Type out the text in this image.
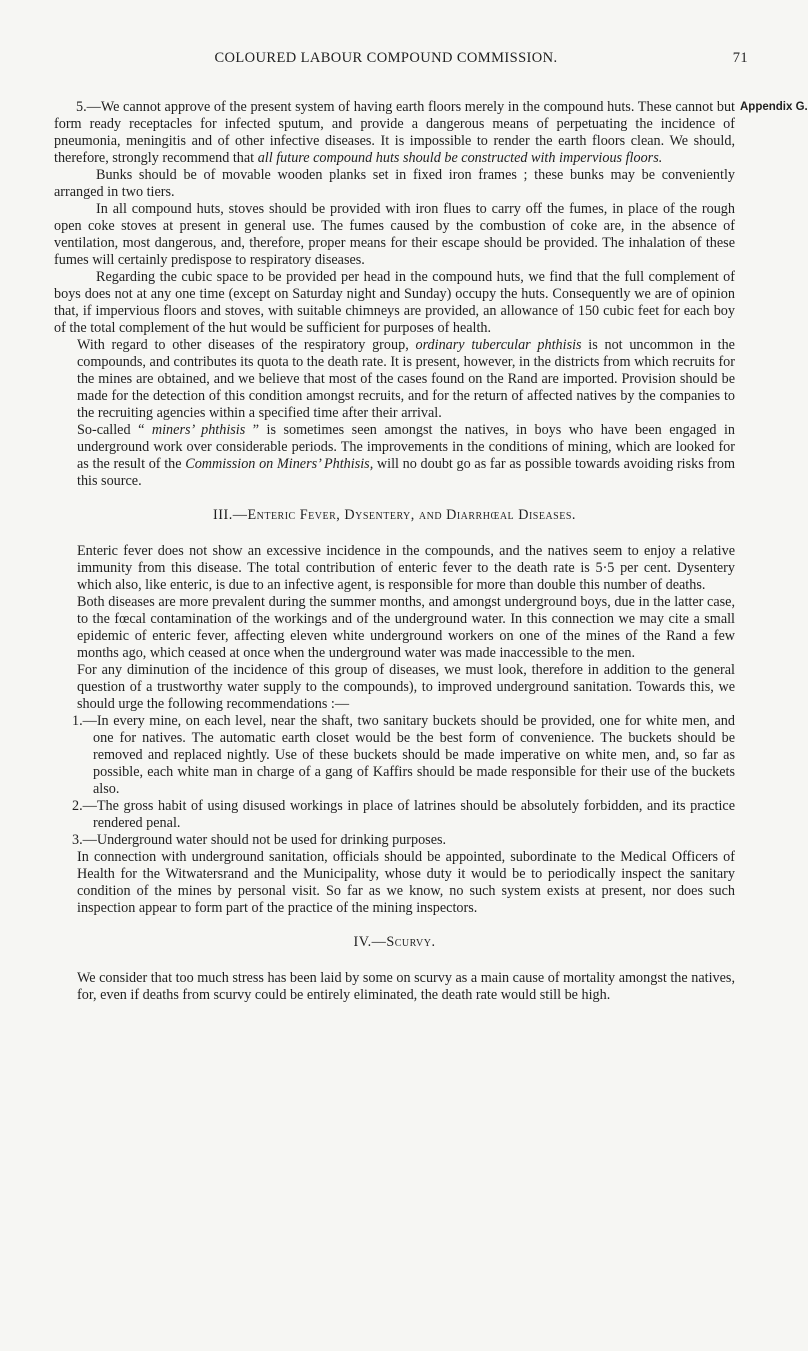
COLOURED LABOUR COMPOUND COMMISSION.	71
Appendix G.

5.—We cannot approve of the present system of having earth floors merely in the compound huts. These cannot but form ready receptacles for infected sputum, and provide a dangerous means of perpetuating the incidence of pneumonia, meningitis and of other infective diseases. It is impossible to render the earth floors clean. We should, therefore, strongly recommend that all future compound huts should be constructed with impervious floors.

Bunks should be of movable wooden planks set in fixed iron frames ; these bunks may be conveniently arranged in two tiers.

In all compound huts, stoves should be provided with iron flues to carry off the fumes, in place of the rough open coke stoves at present in general use. The fumes caused by the combustion of coke are, in the absence of ventilation, most dangerous, and, therefore, proper means for their escape should be provided. The inhalation of these fumes will certainly predispose to respiratory diseases.

Regarding the cubic space to be provided per head in the compound huts, we find that the full complement of boys does not at any one time (except on Saturday night and Sunday) occupy the huts. Consequently we are of opinion that, if impervious floors and stoves, with suitable chimneys are provided, an allowance of 150 cubic feet for each boy of the total complement of the hut would be sufficient for purposes of health.

With regard to other diseases of the respiratory group, ordinary tubercular phthisis is not uncommon in the compounds, and contributes its quota to the death rate. It is present, however, in the districts from which recruits for the mines are obtained, and we believe that most of the cases found on the Rand are imported. Provision should be made for the detection of this condition amongst recruits, and for the return of affected natives by the companies to the recruiting agencies within a specified time after their arrival.

So-called “ miners’ phthisis ” is sometimes seen amongst the natives, in boys who have been engaged in underground work over considerable periods. The improvements in the conditions of mining, which are looked for as the result of the Commission on Miners’ Phthisis, will no doubt go as far as possible towards avoiding risks from this source.

III.—Enteric Fever, Dysentery, and Diarrhœal Diseases.

Enteric fever does not show an excessive incidence in the compounds, and the natives seem to enjoy a relative immunity from this disease. The total contribution of enteric fever to the death rate is 5·5 per cent. Dysentery which also, like enteric, is due to an infective agent, is responsible for more than double this number of deaths.

Both diseases are more prevalent during the summer months, and amongst underground boys, due in the latter case, to the fœcal contamination of the workings and of the underground water. In this connection we may cite a small epidemic of enteric fever, affecting eleven white underground workers on one of the mines of the Rand a few months ago, which ceased at once when the underground water was made inaccessible to the men.

For any diminution of the incidence of this group of diseases, we must look, therefore in addition to the general question of a trustworthy water supply to the compounds), to improved underground sanitation. Towards this, we should urge the following recommendations :—

1.—In every mine, on each level, near the shaft, two sanitary buckets should be provided, one for white men, and one for natives. The automatic earth closet would be the best form of convenience. The buckets should be removed and replaced nightly. Use of these buckets should be made imperative on white men, and, so far as possible, each white man in charge of a gang of Kaffirs should be made responsible for their use of the buckets also.

2.—The gross habit of using disused workings in place of latrines should be absolutely forbidden, and its practice rendered penal.

3.—Underground water should not be used for drinking purposes.

In connection with underground sanitation, officials should be appointed, subordinate to the Medical Officers of Health for the Witwatersrand and the Municipality, whose duty it would be to periodically inspect the sanitary condition of the mines by personal visit. So far as we know, no such system exists at present, nor does such inspection appear to form part of the practice of the mining inspectors.

IV.—Scurvy.

We consider that too much stress has been laid by some on scurvy as a main cause of mortality amongst the natives, for, even if deaths from scurvy could be entirely eliminated, the death rate would still be high.
